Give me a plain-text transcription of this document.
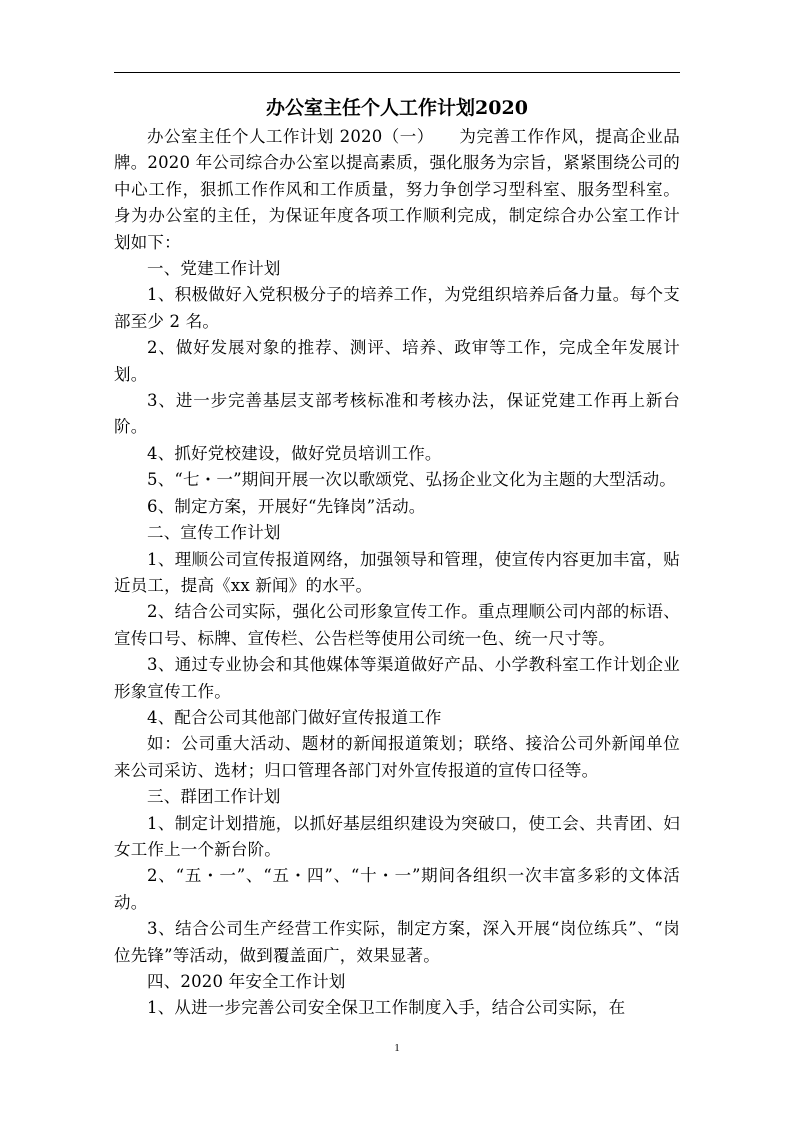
办公室主任个人工作计划2020

办公室主任个人工作计划 2020（一）　　为完善工作作风，提高企业品牌。2020 年公司综合办公室以提高素质，强化服务为宗旨，紧紧围绕公司的中心工作，狠抓工作作风和工作质量，努力争创学习型科室、服务型科室。身为办公室的主任，为保证年度各项工作顺利完成，制定综合办公室工作计划如下：

一、党建工作计划

1、积极做好入党积极分子的培养工作，为党组织培养后备力量。每个支部至少 2 名。

2、做好发展对象的推荐、测评、培养、政审等工作，完成全年发展计划。

3、进一步完善基层支部考核标准和考核办法，保证党建工作再上新台阶。

4、抓好党校建设，做好党员培训工作。

5、“七・一”期间开展一次以歌颂党、弘扬企业文化为主题的大型活动。

6、制定方案，开展好“先锋岗”活动。

二、宣传工作计划

1、理顺公司宣传报道网络，加强领导和管理，使宣传内容更加丰富，贴近员工，提高《xx 新闻》的水平。

2、结合公司实际，强化公司形象宣传工作。重点理顺公司内部的标语、宣传口号、标牌、宣传栏、公告栏等使用公司统一色、统一尺寸等。

3、通过专业协会和其他媒体等渠道做好产品、小学教科室工作计划企业形象宣传工作。

4、配合公司其他部门做好宣传报道工作

如：公司重大活动、题材的新闻报道策划；联络、接洽公司外新闻单位来公司采访、选材；归口管理各部门对外宣传报道的宣传口径等。

三、群团工作计划

1、制定计划措施，以抓好基层组织建设为突破口，使工会、共青团、妇女工作上一个新台阶。

2、“五・一”、“五・四”、“十・一”期间各组织一次丰富多彩的文体活动。

3、结合公司生产经营工作实际，制定方案，深入开展“岗位练兵”、“岗位先锋”等活动，做到覆盖面广，效果显著。

四、2020 年安全工作计划

1、从进一步完善公司安全保卫工作制度入手，结合公司实际，在

1
